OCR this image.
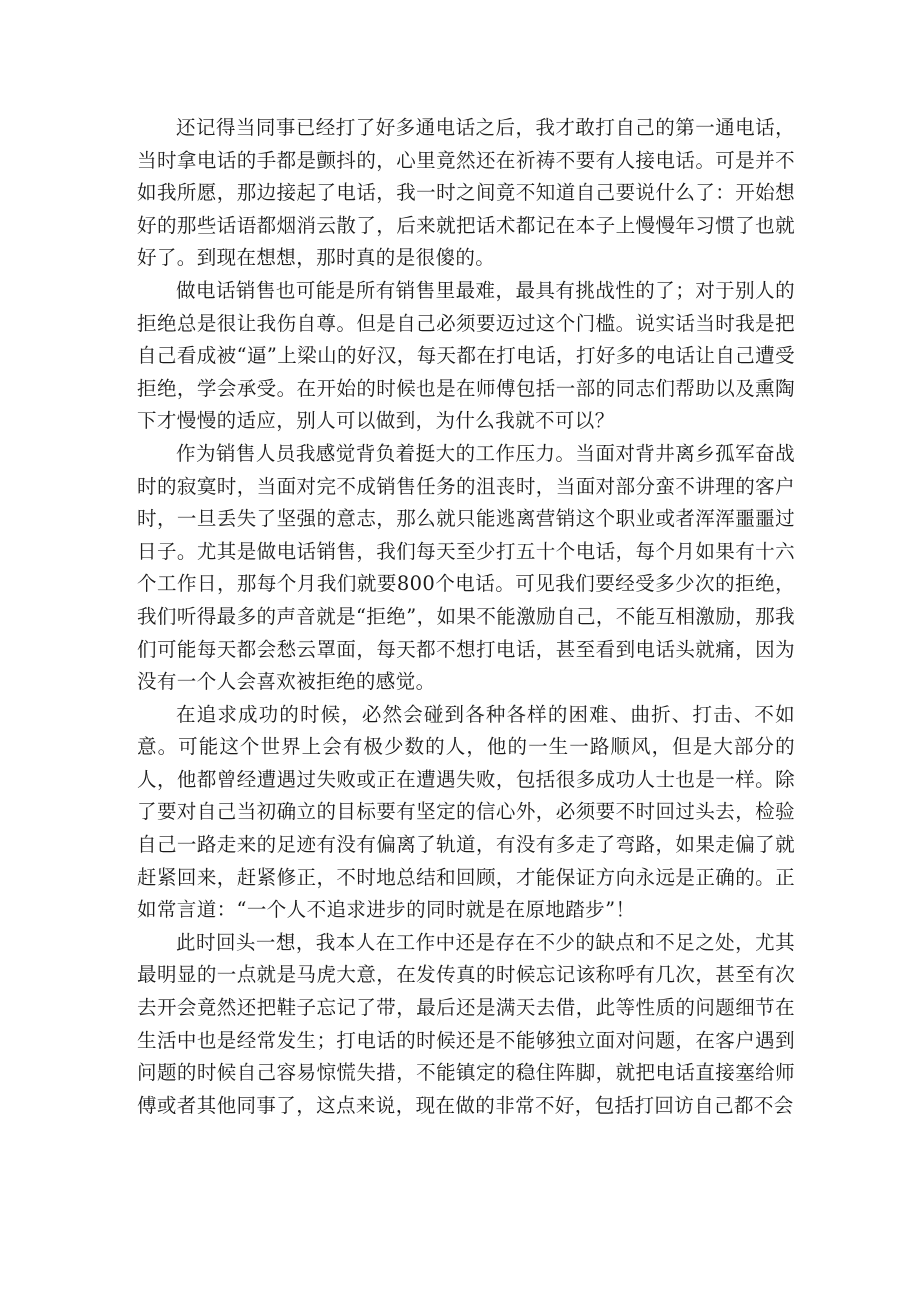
还记得当同事已经打了好多通电话之后，我才敢打自己的第一通电话，当时拿电话的手都是颤抖的，心里竟然还在祈祷不要有人接电话。可是并不如我所愿，那边接起了电话，我一时之间竟不知道自己要说什么了：开始想好的那些话语都烟消云散了，后来就把话术都记在本子上慢慢年习惯了也就好了。到现在想想，那时真的是很傻的。

做电话销售也可能是所有销售里最难，最具有挑战性的了；对于别人的拒绝总是很让我伤自尊。但是自己必须要迈过这个门槛。说实话当时我是把自己看成被“逼”上梁山的好汉，每天都在打电话，打好多的电话让自己遭受拒绝，学会承受。在开始的时候也是在师傅包括一部的同志们帮助以及熏陶下才慢慢的适应，别人可以做到，为什么我就不可以？

作为销售人员我感觉背负着挺大的工作压力。当面对背井离乡孤军奋战时的寂寞时，当面对完不成销售任务的沮丧时，当面对部分蛮不讲理的客户时，一旦丢失了坚强的意志，那么就只能逃离营销这个职业或者浑浑噩噩过日子。尤其是做电话销售，我们每天至少打五十个电话，每个月如果有十六个工作日，那每个月我们就要800个电话。可见我们要经受多少次的拒绝，我们听得最多的声音就是“拒绝”，如果不能激励自己，不能互相激励，那我们可能每天都会愁云罩面，每天都不想打电话，甚至看到电话头就痛，因为没有一个人会喜欢被拒绝的感觉。

在追求成功的时候，必然会碰到各种各样的困难、曲折、打击、不如意。可能这个世界上会有极少数的人，他的一生一路顺风，但是大部分的人，他都曾经遭遇过失败或正在遭遇失败，包括很多成功人士也是一样。除了要对自己当初确立的目标要有坚定的信心外，必须要不时回过头去，检验自己一路走来的足迹有没有偏离了轨道，有没有多走了弯路，如果走偏了就赶紧回来，赶紧修正，不时地总结和回顾，才能保证方向永远是正确的。正如常言道：“一个人不追求进步的同时就是在原地踏步”！

此时回头一想，我本人在工作中还是存在不少的缺点和不足之处，尤其最明显的一点就是马虎大意，在发传真的时候忘记该称呼有几次，甚至有次去开会竟然还把鞋子忘记了带，最后还是满天去借，此等性质的问题细节在生活中也是经常发生；打电话的时候还是不能够独立面对问题，在客户遇到问题的时候自己容易惊慌失措，不能镇定的稳住阵脚，就把电话直接塞给师傅或者其他同事了，这点来说，现在做的非常不好，包括打回访自己都不会
